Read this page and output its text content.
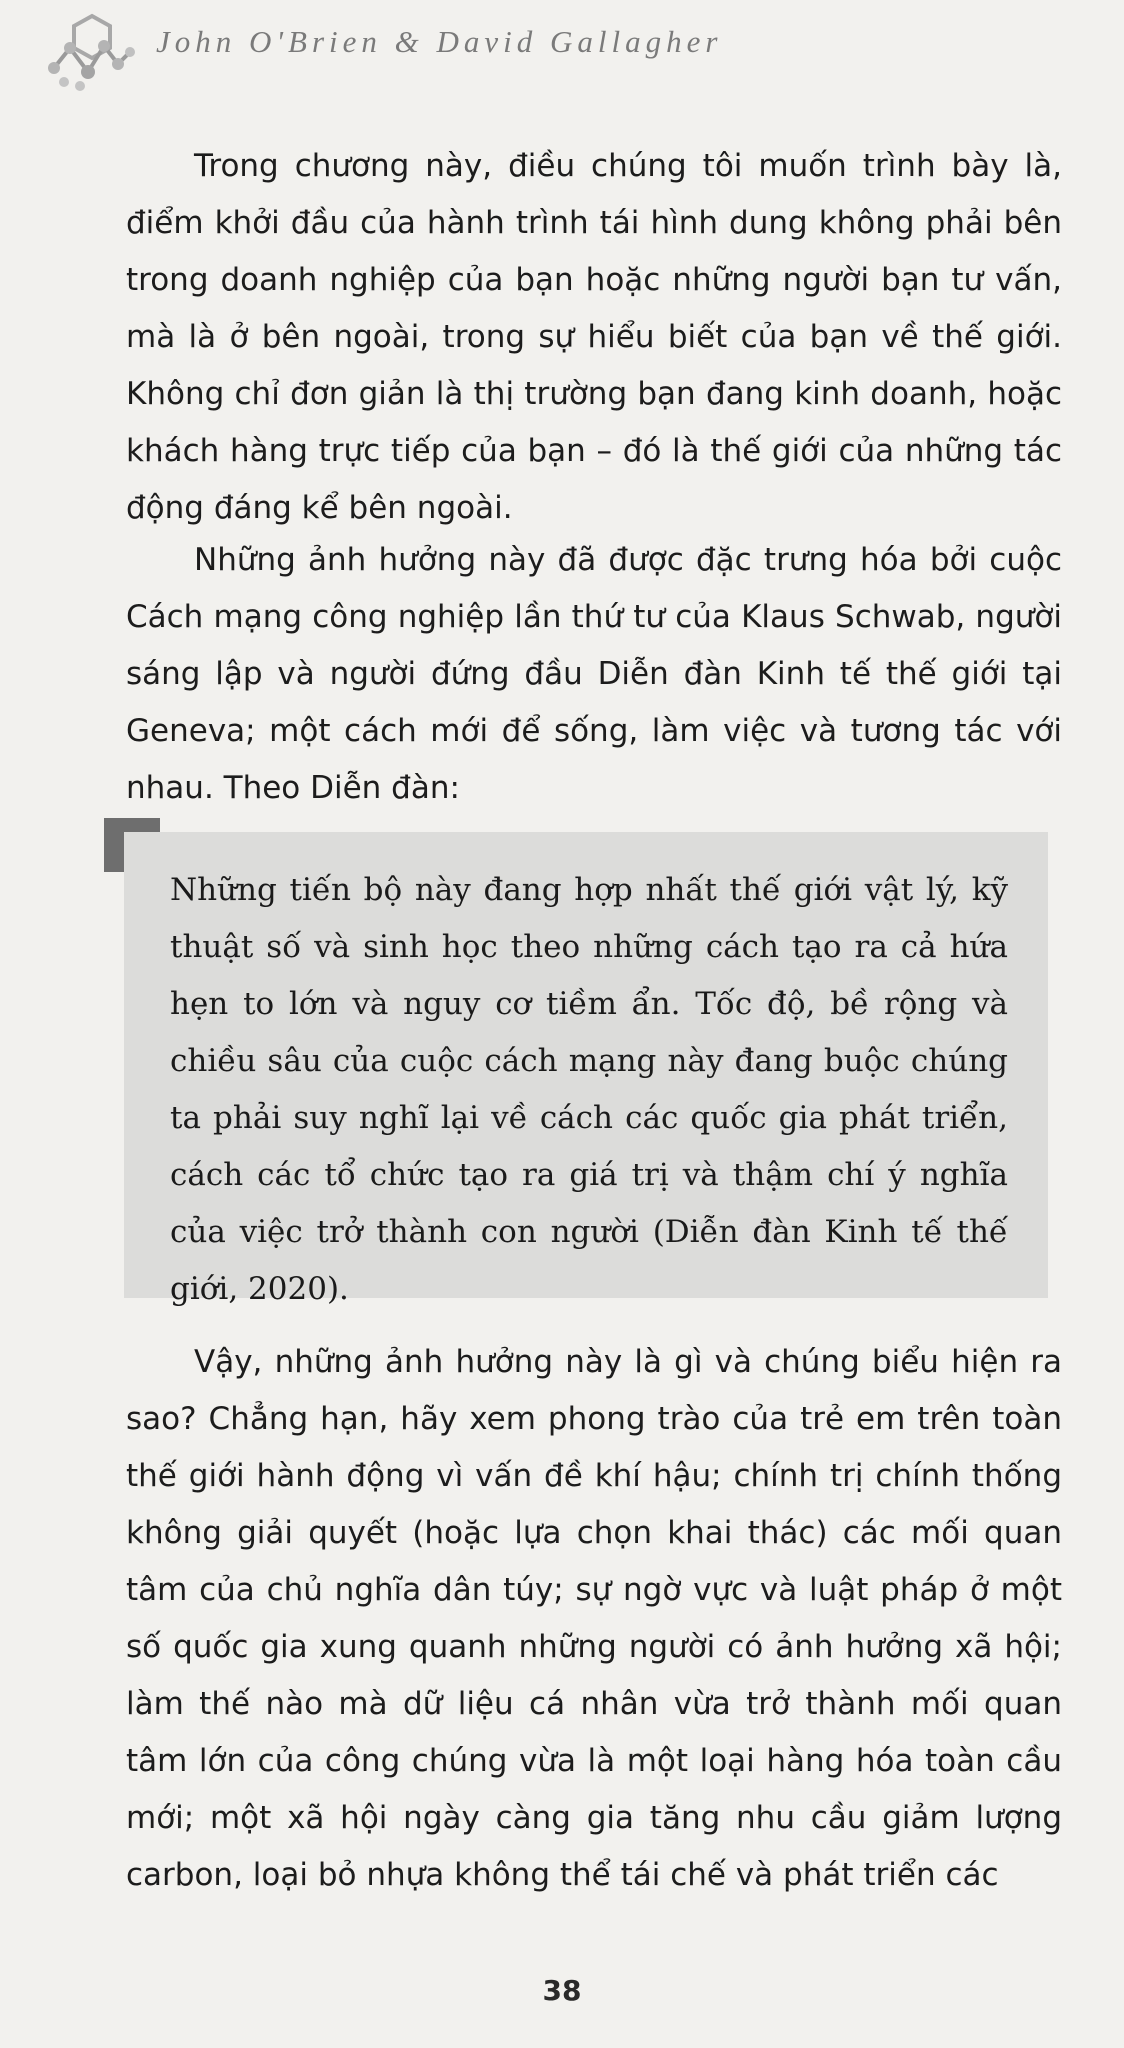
John O'Brien & David Gallagher

Trong chương này, điều chúng tôi muốn trình bày là, điểm khởi đầu của hành trình tái hình dung không phải bên trong doanh nghiệp của bạn hoặc những người bạn tư vấn, mà là ở bên ngoài, trong sự hiểu biết của bạn về thế giới. Không chỉ đơn giản là thị trường bạn đang kinh doanh, hoặc khách hàng trực tiếp của bạn – đó là thế giới của những tác động đáng kể bên ngoài.

Những ảnh hưởng này đã được đặc trưng hóa bởi cuộc Cách mạng công nghiệp lần thứ tư của Klaus Schwab, người sáng lập và người đứng đầu Diễn đàn Kinh tế thế giới tại Geneva; một cách mới để sống, làm việc và tương tác với nhau. Theo Diễn đàn:

Những tiến bộ này đang hợp nhất thế giới vật lý, kỹ thuật số và sinh học theo những cách tạo ra cả hứa hẹn to lớn và nguy cơ tiềm ẩn. Tốc độ, bề rộng và chiều sâu của cuộc cách mạng này đang buộc chúng ta phải suy nghĩ lại về cách các quốc gia phát triển, cách các tổ chức tạo ra giá trị và thậm chí ý nghĩa của việc trở thành con người (Diễn đàn Kinh tế thế giới, 2020).

Vậy, những ảnh hưởng này là gì và chúng biểu hiện ra sao? Chẳng hạn, hãy xem phong trào của trẻ em trên toàn thế giới hành động vì vấn đề khí hậu; chính trị chính thống không giải quyết (hoặc lựa chọn khai thác) các mối quan tâm của chủ nghĩa dân túy; sự ngờ vực và luật pháp ở một số quốc gia xung quanh những người có ảnh hưởng xã hội; làm thế nào mà dữ liệu cá nhân vừa trở thành mối quan tâm lớn của công chúng vừa là một loại hàng hóa toàn cầu mới; một xã hội ngày càng gia tăng nhu cầu giảm lượng carbon, loại bỏ nhựa không thể tái chế và phát triển các

38
